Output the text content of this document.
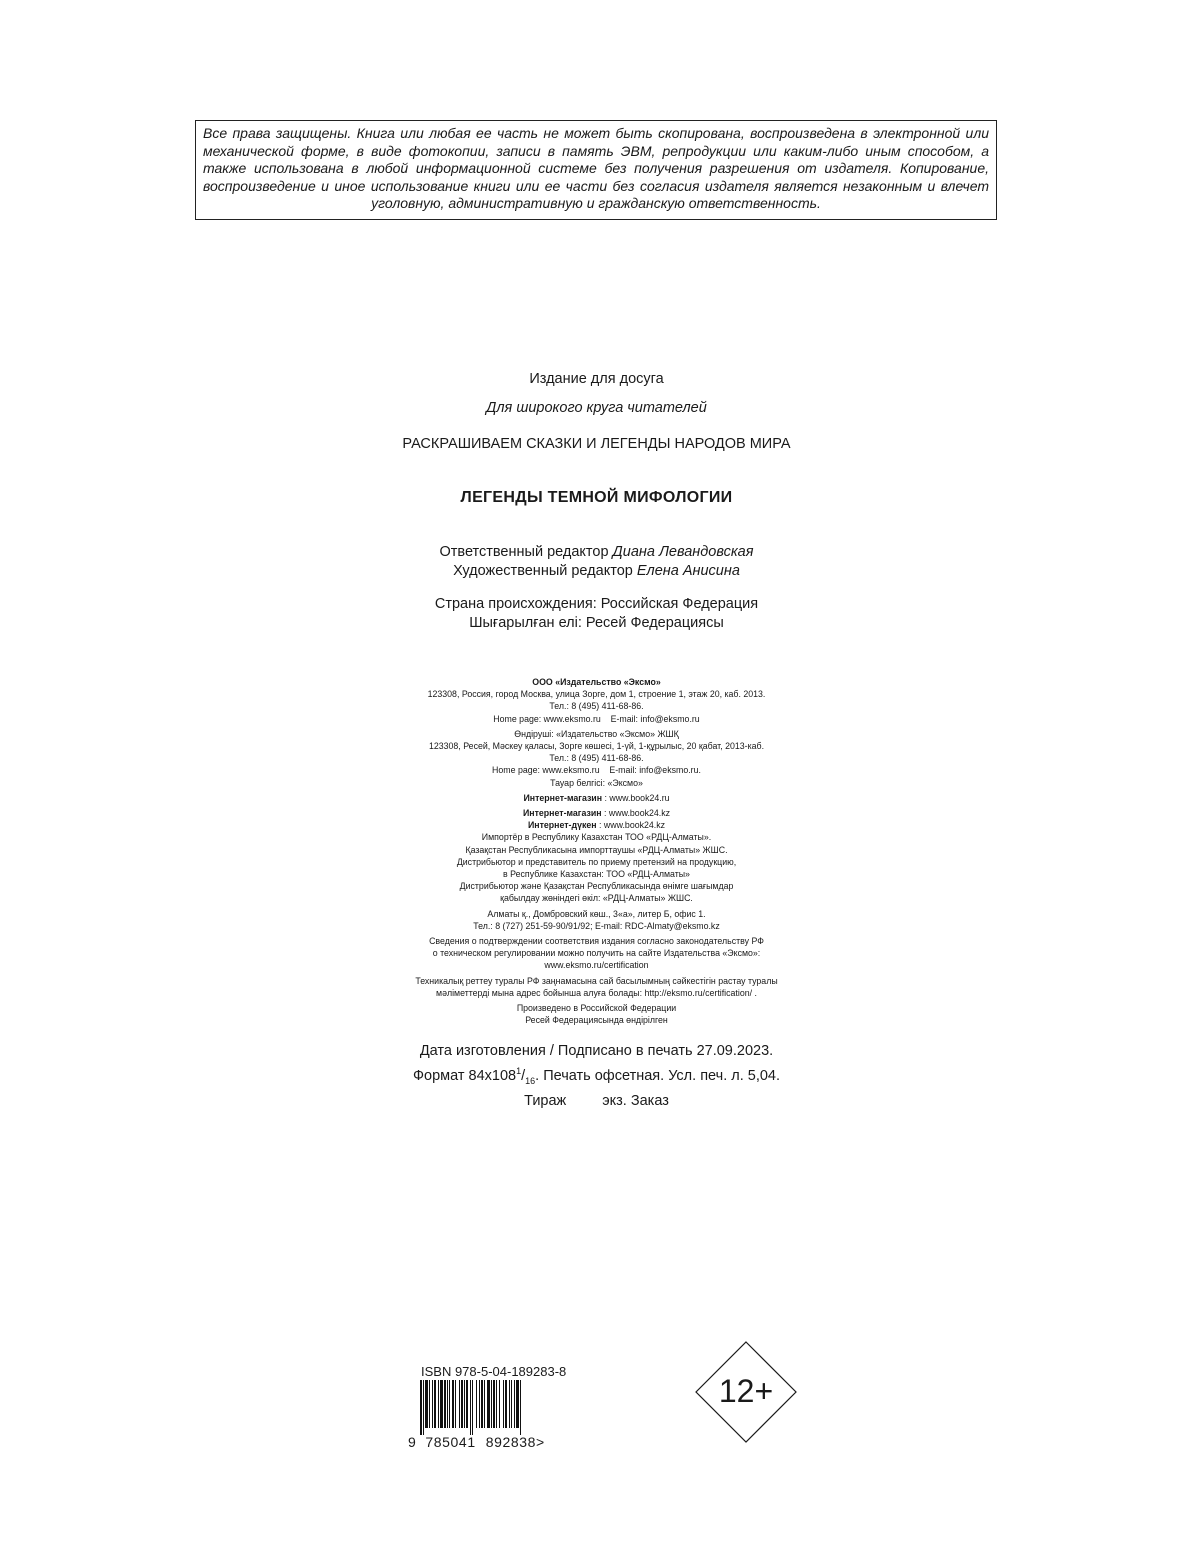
Все права защищены. Книга или любая ее часть не может быть скопирована, воспроизведена в электронной или механической форме, в виде фотокопии, записи в память ЭВМ, репродукции или каким-либо иным способом, а также использована в любой информационной системе без получения разрешения от издателя. Копирование, воспроизведение и иное использование книги или ее части без согласия издателя является незаконным и влечет уголовную, административную и гражданскую ответственность.
Издание для досуга
Для широкого круга читателей
РАСКРАШИВАЕМ СКАЗКИ И ЛЕГЕНДЫ НАРОДОВ МИРА
ЛЕГЕНДЫ ТЕМНОЙ МИФОЛОГИИ
Ответственный редактор Диана Левандовская
Художественный редактор Елена Анисина
Страна происхождения: Российская Федерация
Шығарылған елі: Ресей Федерациясы
ООО «Издательство «Эксмо»
123308, Россия, город Москва, улица Зорге, дом 1, строение 1, этаж 20, каб. 2013.
Тел.: 8 (495) 411-68-86.
Home page: www.eksmo.ru    E-mail: info@eksmo.ru
Өндіруші: «Издательство «Эксмо» ЖШҚ
123308, Ресей, Мәскеу қаласы, Зорге көшесі, 1-үй, 1-құрылыс, 20 қабат, 2013-каб.
Тел.: 8 (495) 411-68-86.
Home page: www.eksmo.ru    E-mail: info@eksmo.ru.
Тауар белгісі: «Эксмо»
Интернет-магазин : www.book24.ru
Интернет-магазин : www.book24.kz
Интернет-дүкен : www.book24.kz
Импортёр в Республику Казахстан ТОО «РДЦ-Алматы».
Қазақстан Республикасына импорттаушы «РДЦ-Алматы» ЖШС.
Дистрибьютор и представитель по приему претензий на продукцию,
в Республике Казахстан: ТОО «РДЦ-Алматы»
Дистрибьютор және Қазақстан Республикасында өнімге шағымдар
қабылдау жөніндегі өкіл: «РДЦ-Алматы» ЖШС.
Алматы қ., Домбровский көш., 3«а», литер Б, офис 1.
Тел.: 8 (727) 251-59-90/91/92; E-mail: RDC-Almaty@eksmo.kz
Сведения о подтверждении соответствия издания согласно законодательству РФ
о техническом регулировании можно получить на сайте Издательства «Эксмо»:
www.eksmo.ru/certification
Техникалық реттеу туралы РФ заңнамасына сай басылымның сәйкестігін растау туралы
мәліметтерді мына адрес бойынша алуға болады: http://eksmo.ru/certification/ .
Произведено в Российской Федерации
Ресей Федерациясында өндірілген
Дата изготовления / Подписано в печать 27.09.2023.
Формат $84x108^1/_{16}$. Печать офсетная. Усл. печ. л. 5,04.
Тираж экз. Заказ
ISBN 978-5-04-189283-8
9 785041 892838>
12+
